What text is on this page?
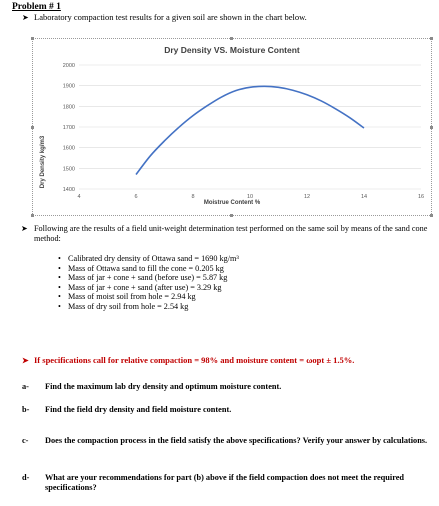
Problem # 1
➤ Laboratory compaction test results for a given soil are shown in the chart below.
Dry Density VS. Moisture Content
Dry Density kg/m3
Moistrue Content %
1400
1500
1600
1700
1800
1900
2000
4	6	8	10	12	14	16
➤ Following are the results of a field unit-weight determination test performed on the same soil by means of the sand cone method:
• Calibrated dry density of Ottawa sand = 1690 kg/m³
• Mass of Ottawa sand to fill the cone = 0.205 kg
• Mass of jar + cone + sand (before use) = 5.87 kg
• Mass of jar + cone + sand (after use) = 3.29 kg
• Mass of moist soil from hole = 2.94 kg
• Mass of dry soil from hole = 2.54 kg
➤ If specifications call for relative compaction = 98% and moisture content = ωopt ± 1.5%.
a- Find the maximum lab dry density and optimum moisture content.
b- Find the field dry density and field moisture content.
c- Does the compaction process in the field satisfy the above specifications? Verify your answer by calculations.
d- What are your recommendations for part (b) above if the field compaction does not meet the required specifications?
